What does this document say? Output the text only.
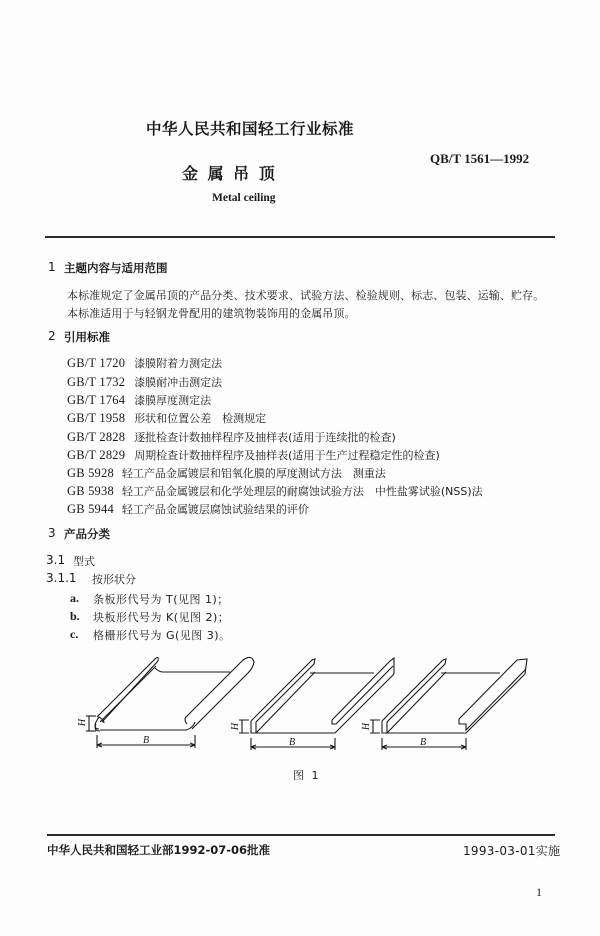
中华人民共和国轻工行业标准
QB/T 1561—1992
金 属 吊 顶
Metal ceiling
1 主题内容与适用范围
本标准规定了金属吊顶的产品分类、技术要求、试验方法、检验规则、标志、包装、运输、贮存。
本标准适用于与轻钢龙骨配用的建筑物装饰用的金属吊顶。
2 引用标准
GB/T 1720 漆膜附着力测定法
GB/T 1732 漆膜耐冲击测定法
GB/T 1764 漆膜厚度测定法
GB/T 1958 形状和位置公差　检测规定
GB/T 2828 逐批检查计数抽样程序及抽样表(适用于连续批的检查)
GB/T 2829 周期检查计数抽样程序及抽样表(适用于生产过程稳定性的检查)
GB 5928 轻工产品金属镀层和铝氧化膜的厚度测试方法　测重法
GB 5938 轻工产品金属镀层和化学处理层的耐腐蚀试验方法　中性盐雾试验(NSS)法
GB 5944 轻工产品金属镀层腐蚀试验结果的评价
3 产品分类
3.1 型式
3.1.1 按形状分
a. 条板形代号为 T(见图 1)；
b. 块板形代号为 K(见图 2)；
c. 格栅形代号为 G(见图 3)。
H
B
H
B
H
B
图 1
中华人民共和国轻工业部1992-07-06批准	1993-03-01实施
1
